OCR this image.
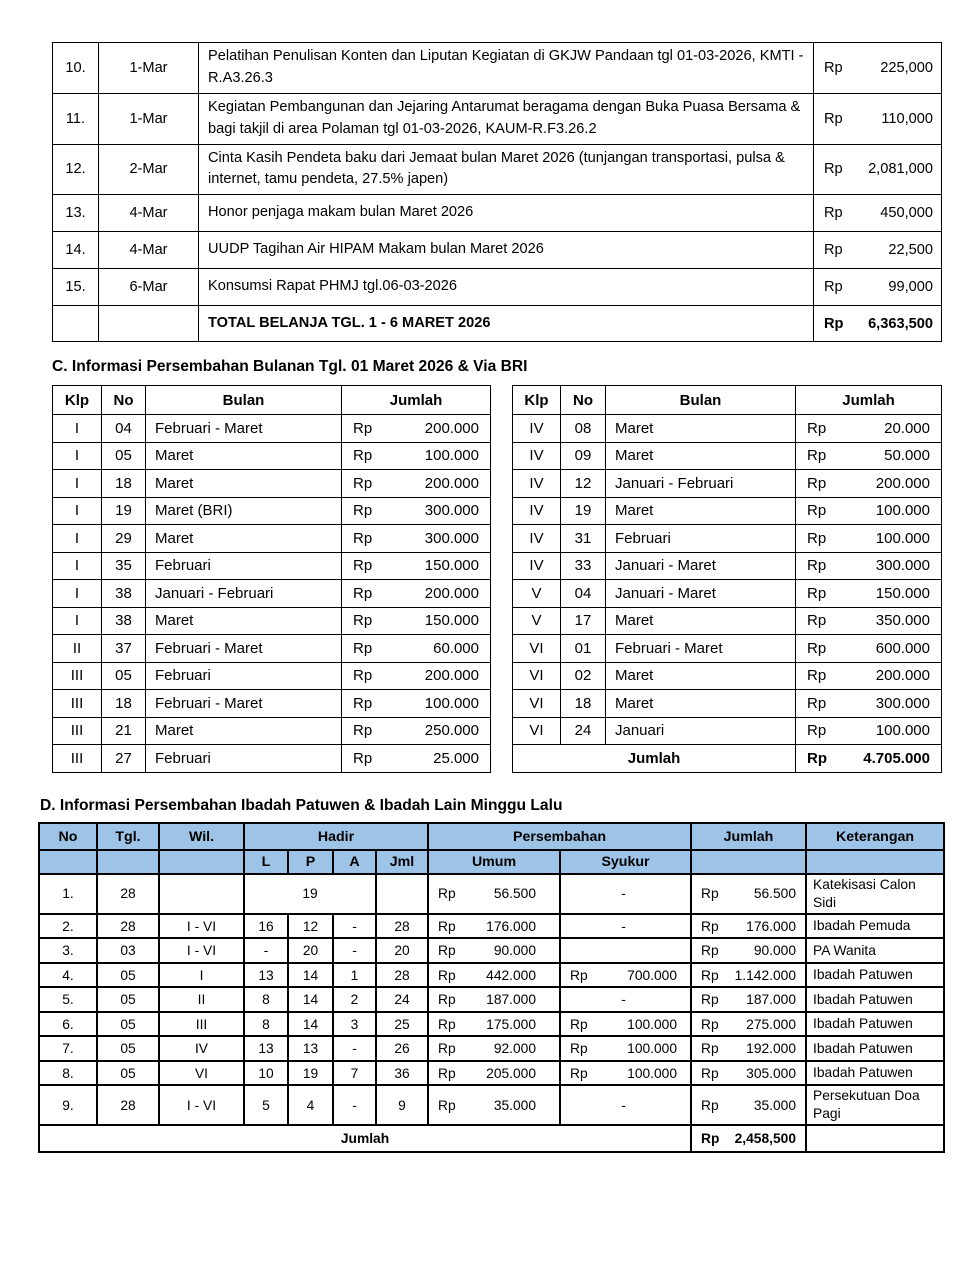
10.	1-Mar	Pelatihan Penulisan Konten dan Liputan Kegiatan di GKJW Pandaan tgl 01-03-2026, KMTI - R.A3.26.3	Rp 225,000

11.	1-Mar	Kegiatan Pembangunan dan Jejaring Antarumat beragama dengan Buka Puasa Bersama & bagi takjil di area Polaman tgl 01-03-2026, KAUM-R.F3.26.2	Rp 110,000

12.	2-Mar	Cinta Kasih Pendeta baku dari Jemaat bulan Maret 2026 (tunjangan transportasi, pulsa & internet, tamu pendeta, 27.5% japen)	Rp 2,081,000

13.	4-Mar	Honor penjaga makam bulan Maret 2026	Rp 450,000

14.	4-Mar	UUDP Tagihan Air HIPAM Makam bulan Maret 2026	Rp 22,500

15.	6-Mar	Konsumsi Rapat PHMJ tgl.06-03-2026	Rp 99,000

		TOTAL BELANJA TGL. 1 - 6 MARET 2026	Rp 6,363,500
C. Informasi Persembahan Bulanan Tgl. 01 Maret 2026 & Via BRI
Klp	No	Bulan	Jumlah
I	04	Februari - Maret	Rp 200.000

I	05	Maret	Rp 100.000

I	18	Maret	Rp 200.000

I	19	Maret (BRI)	Rp 300.000

I	29	Maret	Rp 300.000

I	35	Februari	Rp 150.000

I	38	Januari - Februari	Rp 200.000

I	38	Maret	Rp 150.000

II	37	Februari - Maret	Rp 60.000

III	05	Februari	Rp 200.000

III	18	Februari - Maret	Rp 100.000

III	21	Maret	Rp 250.000

III	27	Februari	Rp 25.000
Klp	No	Bulan	Jumlah
IV	08	Maret	Rp 20.000

IV	09	Maret	Rp 50.000

IV	12	Januari - Februari	Rp 200.000

IV	19	Maret	Rp 100.000

IV	31	Februari	Rp 100.000

IV	33	Januari - Maret	Rp 300.000

V	04	Januari - Maret	Rp 150.000

V	17	Maret	Rp 350.000

VI	01	Februari - Maret	Rp 600.000

VI	02	Maret	Rp 200.000

VI	18	Maret	Rp 300.000

VI	24	Januari	Rp 100.000

Jumlah			Rp 4.705.000
D. Informasi Persembahan Ibadah Patuwen & Ibadah Lain Minggu Lalu
No	Tgl.	Wil.	Hadir				Persembahan		Jumlah	Keterangan
			L	P	A	Jml	Umum	Syukur		
1.	28		19				Rp 56.500	-	Rp 56.500	Katekisasi Calon Sidi
2.	28	I - VI	16	12	-	28	Rp 176.000	-	Rp 176.000	Ibadah Pemuda
3.	03	I - VI	-	20	-	20	Rp 90.000		Rp 90.000	PA Wanita
4.	05	I	13	14	1	28	Rp 442.000	Rp 700.000	Rp 1.142.000	Ibadah Patuwen
5.	05	II	8	14	2	24	Rp 187.000	-	Rp 187.000	Ibadah Patuwen
6.	05	III	8	14	3	25	Rp 175.000	Rp 100.000	Rp 275.000	Ibadah Patuwen
7.	05	IV	13	13	-	26	Rp 92.000	Rp 100.000	Rp 192.000	Ibadah Patuwen
8.	05	VI	10	19	7	36	Rp 205.000	Rp 100.000	Rp 305.000	Ibadah Patuwen
9.	28	I - VI	5	4	-	9	Rp 35.000	-	Rp 35.000	Persekutuan Doa Pagi
Jumlah									Rp 2,458,500	
